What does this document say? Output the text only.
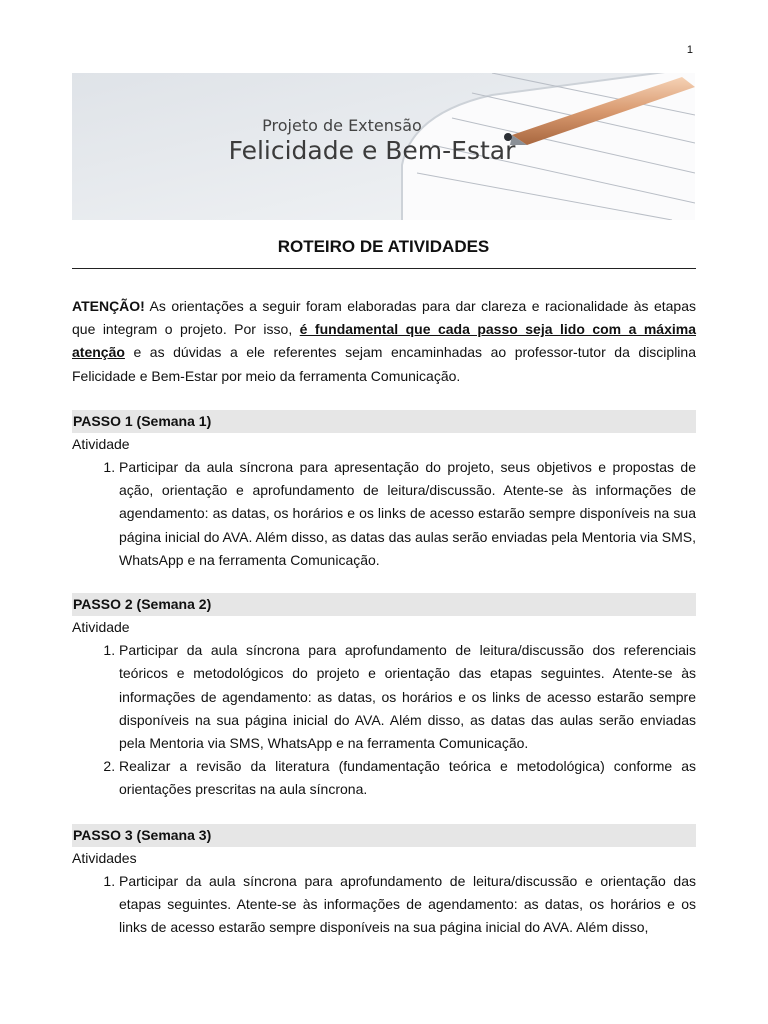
1
Projeto de Extensão
Felicidade e Bem-Estar
ROTEIRO DE ATIVIDADES

ATENÇÃO! As orientações a seguir foram elaboradas para dar clareza e racionalidade às etapas que integram o projeto. Por isso, é fundamental que cada passo seja lido com a máxima atenção e as dúvidas a ele referentes sejam encaminhadas ao professor-tutor da disciplina Felicidade e Bem-Estar por meio da ferramenta Comunicação.

PASSO 1 (Semana 1)

Atividade

1. Participar da aula síncrona para apresentação do projeto, seus objetivos e propostas de ação, orientação e aprofundamento de leitura/discussão. Atente-se às informações de agendamento: as datas, os horários e os links de acesso estarão sempre disponíveis na sua página inicial do AVA. Além disso, as datas das aulas serão enviadas pela Mentoria via SMS, WhatsApp e na ferramenta Comunicação.
PASSO 2 (Semana 2)

Atividade

1. Participar da aula síncrona para aprofundamento de leitura/discussão dos referenciais teóricos e metodológicos do projeto e orientação das etapas seguintes. Atente-se às informações de agendamento: as datas, os horários e os links de acesso estarão sempre disponíveis na sua página inicial do AVA. Além disso, as datas das aulas serão enviadas pela Mentoria via SMS, WhatsApp e na ferramenta Comunicação.
2. Realizar a revisão da literatura (fundamentação teórica e metodológica) conforme as orientações prescritas na aula síncrona.
PASSO 3 (Semana 3)

Atividades

1. Participar da aula síncrona para aprofundamento de leitura/discussão e orientação das etapas seguintes. Atente-se às informações de agendamento: as datas, os horários e os links de acesso estarão sempre disponíveis na sua página inicial do AVA. Além disso,
